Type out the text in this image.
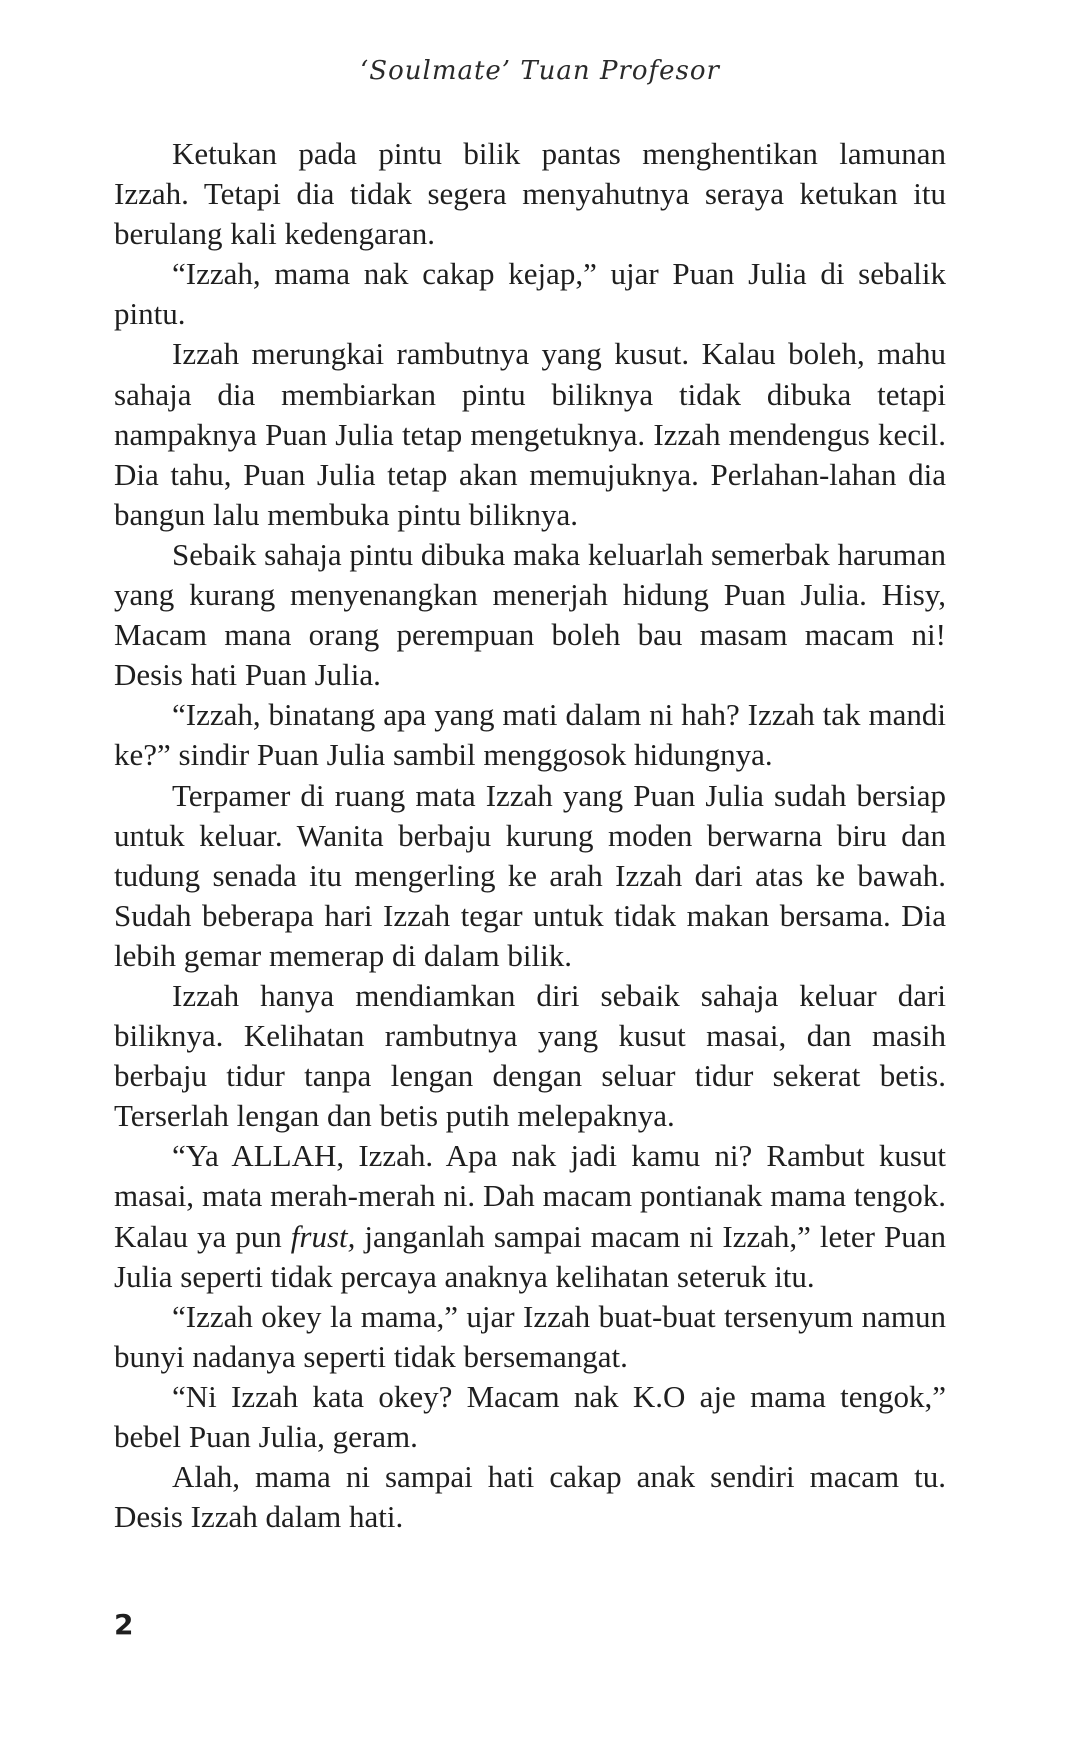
‘Soulmate’ Tuan Profesor

Ketukan pada pintu bilik pantas menghentikan lamunan Izzah. Tetapi dia tidak segera menyahutnya seraya ketukan itu berulang kali kedengaran.

“Izzah, mama nak cakap kejap,” ujar Puan Julia di sebalik pintu.

Izzah merungkai rambutnya yang kusut. Kalau boleh, mahu sahaja dia membiarkan pintu biliknya tidak dibuka tetapi nampaknya Puan Julia tetap mengetuknya. Izzah mendengus kecil. Dia tahu, Puan Julia tetap akan memujuknya. Perlahan-lahan dia bangun lalu membuka pintu biliknya.

Sebaik sahaja pintu dibuka maka keluarlah semerbak haruman yang kurang menyenangkan menerjah hidung Puan Julia. Hisy, Macam mana orang perempuan boleh bau masam macam ni! Desis hati Puan Julia.

“Izzah, binatang apa yang mati dalam ni hah? Izzah tak mandi ke?” sindir Puan Julia sambil menggosok hidungnya.

Terpamer di ruang mata Izzah yang Puan Julia sudah bersiap untuk keluar. Wanita berbaju kurung moden berwarna biru dan tudung senada itu mengerling ke arah Izzah dari atas ke bawah. Sudah beberapa hari Izzah tegar untuk tidak makan bersama. Dia lebih gemar memerap di dalam bilik.

Izzah hanya mendiamkan diri sebaik sahaja keluar dari biliknya. Kelihatan rambutnya yang kusut masai, dan masih berbaju tidur tanpa lengan dengan seluar tidur sekerat betis. Terserlah lengan dan betis putih melepaknya.

“Ya ALLAH, Izzah. Apa nak jadi kamu ni? Rambut kusut masai, mata merah-merah ni. Dah macam pontianak mama tengok. Kalau ya pun frust, janganlah sampai macam ni Izzah,” leter Puan Julia seperti tidak percaya anaknya kelihatan seteruk itu.

“Izzah okey la mama,” ujar Izzah buat-buat tersenyum namun bunyi nadanya seperti tidak bersemangat.

“Ni Izzah kata okey? Macam nak K.O aje mama tengok,” bebel Puan Julia, geram.

Alah, mama ni sampai hati cakap anak sendiri macam tu. Desis Izzah dalam hati.

2
